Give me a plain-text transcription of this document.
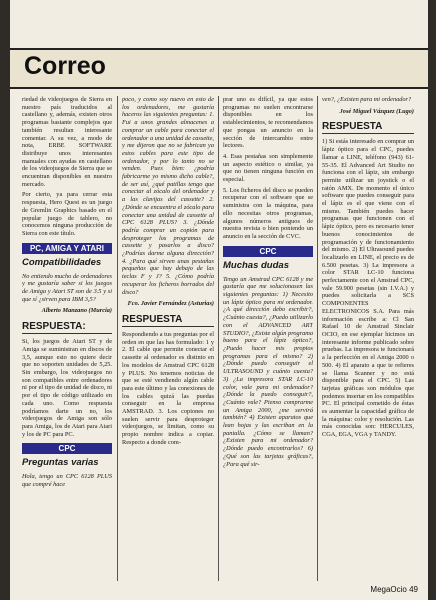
Correo

riedad de videojuegos de Sierra en nuestro país traducidos al castellano y, además, existen otros programas bastante complejos que también resultan interesante comentar. A su vez, a modo de nota, ERBE SOFTWARE distribuye unos interesantes manuales con ayudas en castellano de los videojuegos de Sierra que se encuentran disponibles en nuestro mercado.

Por cierto, ya para cerrar esta respuesta, Hero Quest es un juego de Gremlin Graphics basado en el popular juego de tablero, no conocemos ninguna producción de Sierra con este título.

PC, AMIGA Y ATARI
Compatibilidades

No entiendo mucho de ordenadores y me gustaría saber si los juegos de Amiga y Atari ST son de 3.5 y si que sí ¿sirven para IBM 3,5?

Alberto Manzano (Murcia)
RESPUESTA:

Si, los juegos de Atari ST y de Amiga se suministran en discos de 3,5, aunque esto no quiere decir que no soporten unidades de 5,25. Sin embargo, los videojuegos no son compatibles entre ordenadores ni por el tipo de unidad de disco, ni por el tipo de código utilizado en cada uno. Como respuesta podríamos darte un no, los videojuegos de Amiga son sólo para Amiga, los de Atari para Atari y los de PC para PC.

CPC
Preguntas varias

Hola, tengo un CPC 6128 PLUS que compré hace

poco, y como soy nuevo en esto de los ordenadores, me gustaría haceros las siguientes preguntas: 1. Fui a unos grandes almacenes a comprar un cable para conectar el ordenador a una unidad de cassette, y me dijeron que no se fabrican ya estos cables para este tipo de ordenador, y por lo tanto no se venden. Pues bien: ¿podría fabricarme yo mismo dicho cable?, de ser así, ¿qué patillas tengo que conectar al zócalo del ordenador y a las clavijas del cassette? 2. ¿Dónde se encuentra el zócalo para conectar una unidad de cassette al CPC 6128 PLUS? 3. ¿Dónde podría comprar un copión para desproteger los programas de cassette y pasarlos a disco? ¿Podrías darme alguna dirección? 4. ¿Para qué sirven unas pestañas pequeñas que hay debajo de las teclas F y J? 5. ¿Cómo podría recuperar los ficheros borrados del disco?

Fco. Javier Fernández (Asturias)
RESPUESTA

Respondiendo a tus preguntas por el orden en que las has formulado: 1 y 2. El cable que permite conectar el cassette al ordenador es distinto en los modelos de Amstrad CPC 6128 y PLUS. No tenemos noticias de que se esté vendiendo algún cable para este último y las conexiones de los cables quizá las puedas conseguir en la empresa AMSTRAD. 3. Los copiones no suelen servir para desproteger videojuegos, se limitan, como su propio nombre indica a copiar. Respecto a donde com-

prar uno es difícil, ya que estos programas no suelen encontrarse disponibles en los establecimientos, te recomendamos que pongas un anuncio en la sección de intercambio entre lectores.

4. Esas pestañas son simplemente un aspecto estético o similar, ya que no tienen ninguna función en especial.

5. Los ficheros del disco se pueden recuperar con el software que se suministra con la máquina, para ello necesitas otros programas, algunos números antiguos de nuestra revista o bien poniendo un anuncio en la sección de CVC.

CPC
Muchas dudas

Tengo un Amstrad CPC 6128 y me gustaría que me solucionasen las siguientes preguntas: 1) Necesito un lápiz óptico para mi ordenador. ¿A qué dirección debo escribir?, ¿Cuánto cuesta?, ¿Puedo utilizarlo con el ADVANCED ART STUDIO?, ¿Existe algún programa bueno para el lápiz óptico?, ¿Puedo hacer mis propios programas para el mismo? 2) ¿Dónde puedo conseguir el ULTRASOUND y cuánto cuesta? 3) ¿La impresora STAR LC-10 color, vale para mi ordenador? ¿Dónde la puedo conseguir?, ¿Cuánto vale? Pienso comprarme un Amiga 2000, ¿me servirá también? 4) Existen aparatos que lean hojas y las escriban en la pantalla. ¿Cómo se llaman? ¿Existen para mi ordenador? ¿Dónde puedo encontrarlos? 6) ¿Qué son las tarjetas gráficas?, ¿Para qué sir-

ven?, ¿Existen para mi ordenador?

José Miguel Vázquez (Lugo)
RESPUESTA

1) Si estás interesado en comprar un lápiz óptico para el CPC, puedes llamar a LINE, teléfono (943) 61-55-35. El Advanced Art Studio no funciona con el lápiz, sin embargo permite utilizar un joystick o el ratón AMX. De momento el único software que puedes conseguir para el lápiz es el que viene con el mismo. También puedes hacer programas que funcionen con el lápiz óptico, pero es necesario tener buenos conocimientos de programación y de funcionamiento del mismo. 2) El Ultrasound puedes localizarlo en LINE, el precio es de 6.500 pesetas. 3) La impresora a color STAR LC-10 funciona perfectamente con el Amstrad CPC, vale 59.900 pesetas (sin I.V.A.) y puedes solicitarla a SCS COMPONENTES ELECTRONICOS S.A. Para más información escribe a: Cl San Rafael 10 de Amstrad Sinclair OCIO, en ese ejemplar hicimos un interesante informe publicado sobre pruebas. La impresora te funcionará a la perfección en el Amiga 2000 o 500. 4) El aparato a que te refieres se llama Scanner y no está disponible para el CPC. 5) Las tarjetas gráficas son módulos que podemos insertar en los compatibles PC. El principal cometido de éstas es aumentar la capacidad gráfica de la máquina: color y resolución. Las más conocidas son: HERCULES, CGA, EGA, VGA y TANDY.

MegaOcio 49
